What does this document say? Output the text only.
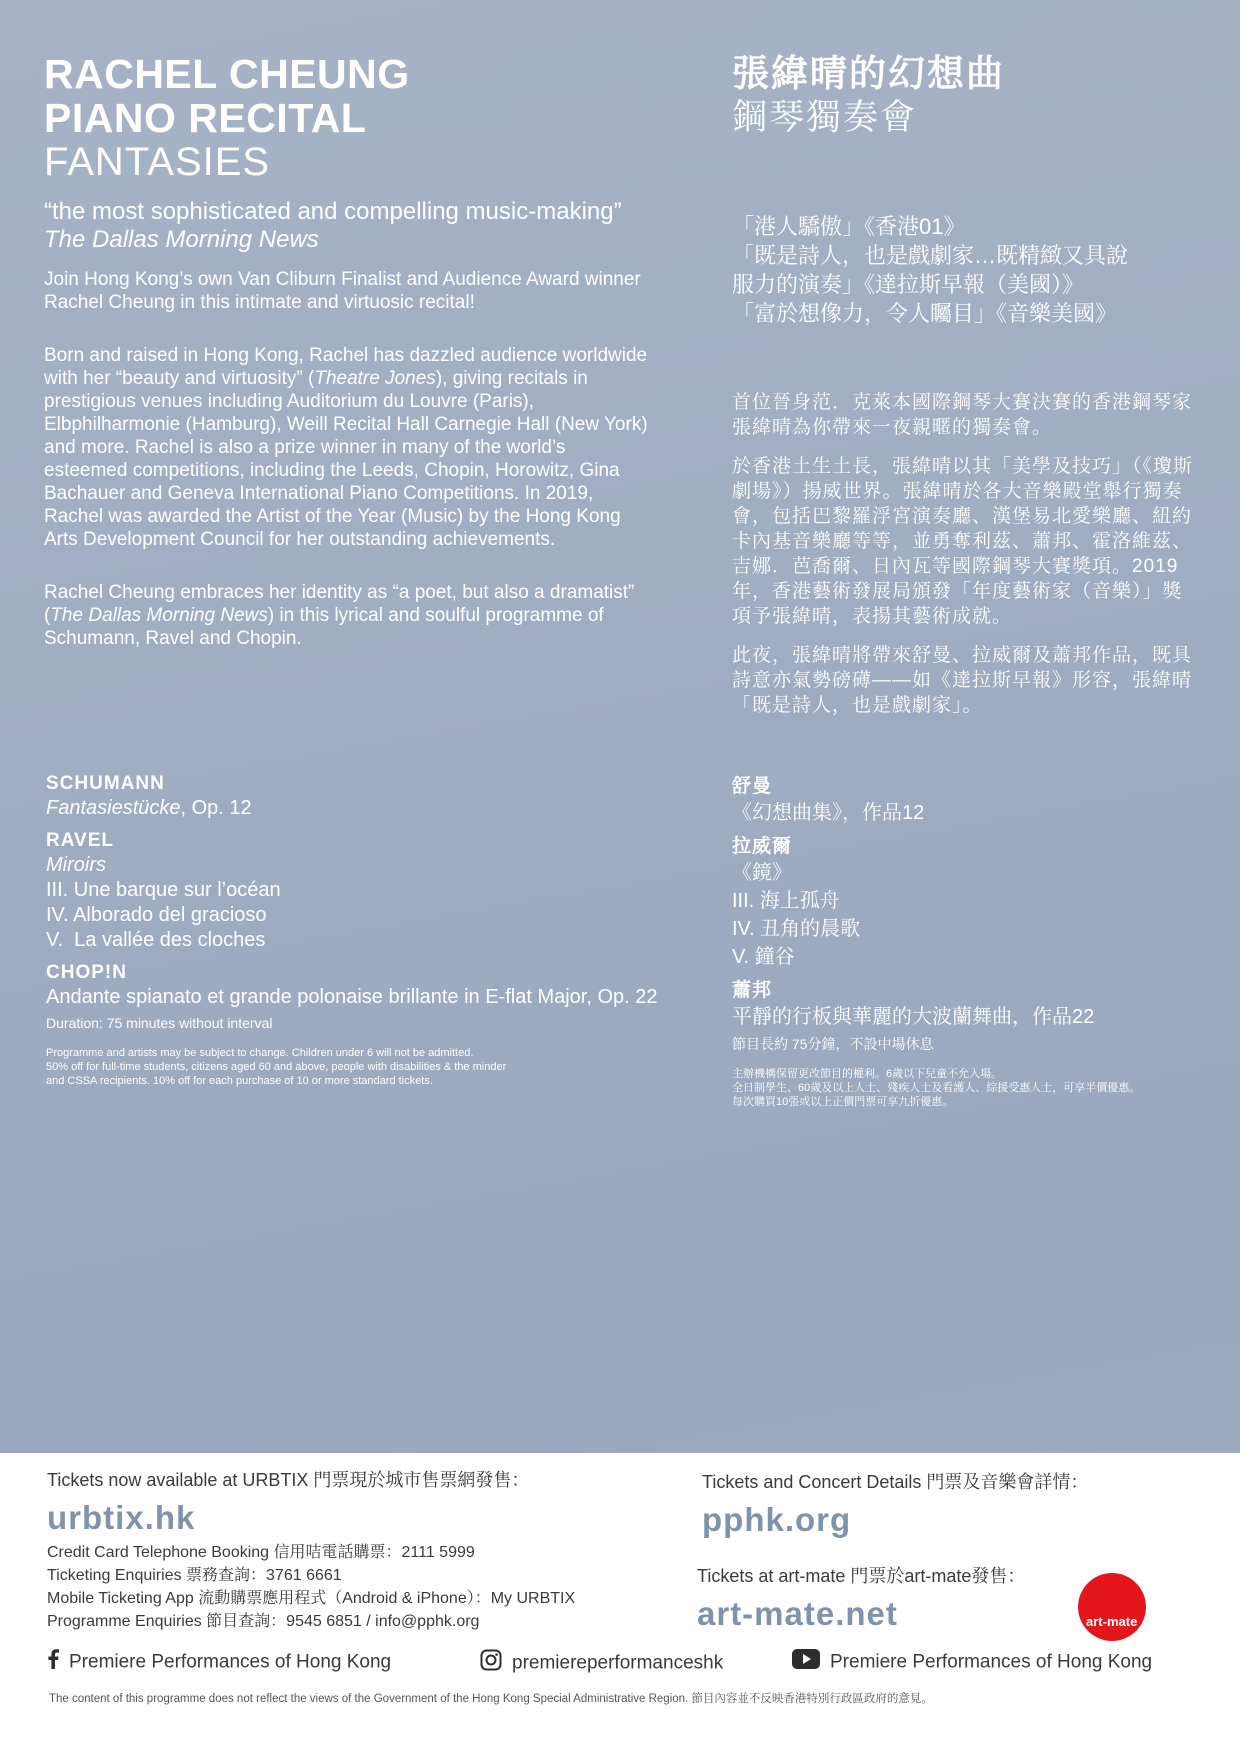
RACHEL CHEUNG
PIANO RECITAL
FANTASIES
“the most sophisticated and compelling music-making” The Dallas Morning News
Join Hong Kong’s own Van Cliburn Finalist and Audience Award winner Rachel Cheung in this intimate and virtuosic recital!
Born and raised in Hong Kong, Rachel has dazzled audience worldwide with her “beauty and virtuosity” (Theatre Jones), giving recitals in prestigious venues including Auditorium du Louvre (Paris), Elbphilharmonie (Hamburg), Weill Recital Hall Carnegie Hall (New York) and more. Rachel is also a prize winner in many of the world’s esteemed competitions, including the Leeds, Chopin, Horowitz, Gina Bachauer and Geneva International Piano Competitions. In 2019, Rachel was awarded the Artist of the Year (Music) by the Hong Kong Arts Development Council for her outstanding achievements.
Rachel Cheung embraces her identity as “a poet, but also a dramatist” (The Dallas Morning News) in this lyrical and soulful programme of Schumann, Ravel and Chopin.
張緯晴的幻想曲
鋼琴獨奏會
「港人驕傲」《香港01》
「既是詩人，也是戲劇家…既精緻又具說
服力的演奏」《達拉斯早報（美國）》
「富於想像力，令人矚目」《音樂美國》
首位晉身范．克萊本國際鋼琴大賽決賽的香港鋼琴家張緯晴為你帶來一夜親暱的獨奏會。
於香港土生土長，張緯晴以其「美學及技巧」（《瓊斯劇場》）揚威世界。張緯晴於各大音樂殿堂舉行獨奏會，包括巴黎羅浮宮演奏廳、漢堡易北愛樂廳、紐約卡內基音樂廳等等，並勇奪利茲、蕭邦、霍洛維茲、吉娜．芭喬爾、日內瓦等國際鋼琴大賽獎項。2019年，香港藝術發展局頒發「年度藝術家（音樂）」獎項予張緯晴，表揚其藝術成就。
此夜，張緯晴將帶來舒曼、拉威爾及蕭邦作品，既具詩意亦氣勢磅礡——如《達拉斯早報》形容，張緯晴「既是詩人，也是戲劇家」。
SCHUMANN
Fantasiestücke, Op. 12
RAVEL
Miroirs
III. Une barque sur l’océan
IV. Alborado del gracioso
V.  La vallée des cloches
CHOP!N
Andante spianato et grande polonaise brillante in E-flat Major, Op. 22
Duration: 75 minutes without interval
Programme and artists may be subject to change. Children under 6 will not be admitted.
50% off for full-time students, citizens aged 60 and above, people with disabilities & the minder
and CSSA recipients. 10% off for each purchase of 10 or more standard tickets.
舒曼
《幻想曲集》，作品12
拉威爾
《鏡》
III. 海上孤舟
IV. 丑角的晨歌
V. 鐘谷
蕭邦
平靜的行板與華麗的大波蘭舞曲，作品22
節目長約 75分鐘，不設中場休息
主辦機構保留更改節目的權利。6歲以下兒童不允入場。
全日制學生、60歲及以上人士、殘疾人士及看護人、綜援受惠人士，可享半價優惠。
每次購買10張或以上正價門票可享九折優惠。
Tickets now available at URBTIX 門票現於城市售票網發售：
urbtix.hk
Credit Card Telephone Booking 信用咭電話購票：2111 5999
Ticketing Enquiries 票務查詢：3761 6661
Mobile Ticketing App 流動購票應用程式（Android & iPhone）：My URBTIX
Programme Enquiries 節目查詢：9545 6851 / info@pphk.org
Tickets and Concert Details 門票及音樂會詳情：
pphk.org
Tickets at art-mate 門票於art-mate發售：
art-mate.net	art-mate
Premiere Performances of Hong Kong	premiereperformanceshk	Premiere Performances of Hong Kong
The content of this programme does not reflect the views of the Government of the Hong Kong Special Administrative Region. 節目內容並不反映香港特別行政區政府的意見。
